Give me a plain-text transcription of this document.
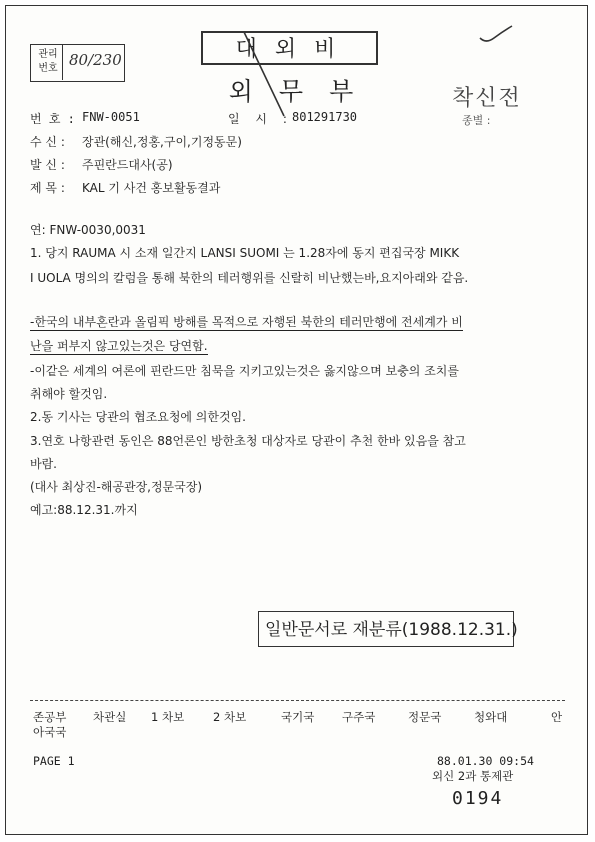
관리번호 80/230	대외비
외무부	착신전
종별 :
번 호 : FNW-0051	일 시 : 801291730
수 신 : 장관(해신,정홍,구이,기정동문)
발 신 : 주핀란드대사(공)
제 목 : KAL 기 사건 홍보활동결과
연: FNW-0030,0031
1. 당지 RAUMA 시 소재 일간지 LANSI SUOMI 는 1.28자에 동지 편집국장 MIKK
I UOLA 명의의 칼럼을 통해 북한의 테러행위를 신랄히 비난했는바,요지아래와 같음.
-한국의 내부혼란과 올림픽 방해를 목적으로 자행된 북한의 테러만행에 전세계가 비
난을 퍼부지 않고있는것은 당연함.
-이같은 세계의 여론에 핀란드만 침묵을 지키고있는것은 옳지않으며 보충의 조치를
취해야 할것임.
2.동 기사는 당관의 협조요청에 의한것임.
3.연호 나항관련 동인은 88언론인 방한초청 대상자로 당관이 추천 한바 있음을 참고
바람.
(대사 최상진-해공관장,정문국장)
예고:88.12.31.까지
일반문서로 재분류(1988.12.31.)
존공부 차관실 1 차보	2 차보	국기국 구주국	정문국	청와대	안
아국국
PAGE 1	88.01.30 09:54
외신 2과 통제관
0194
